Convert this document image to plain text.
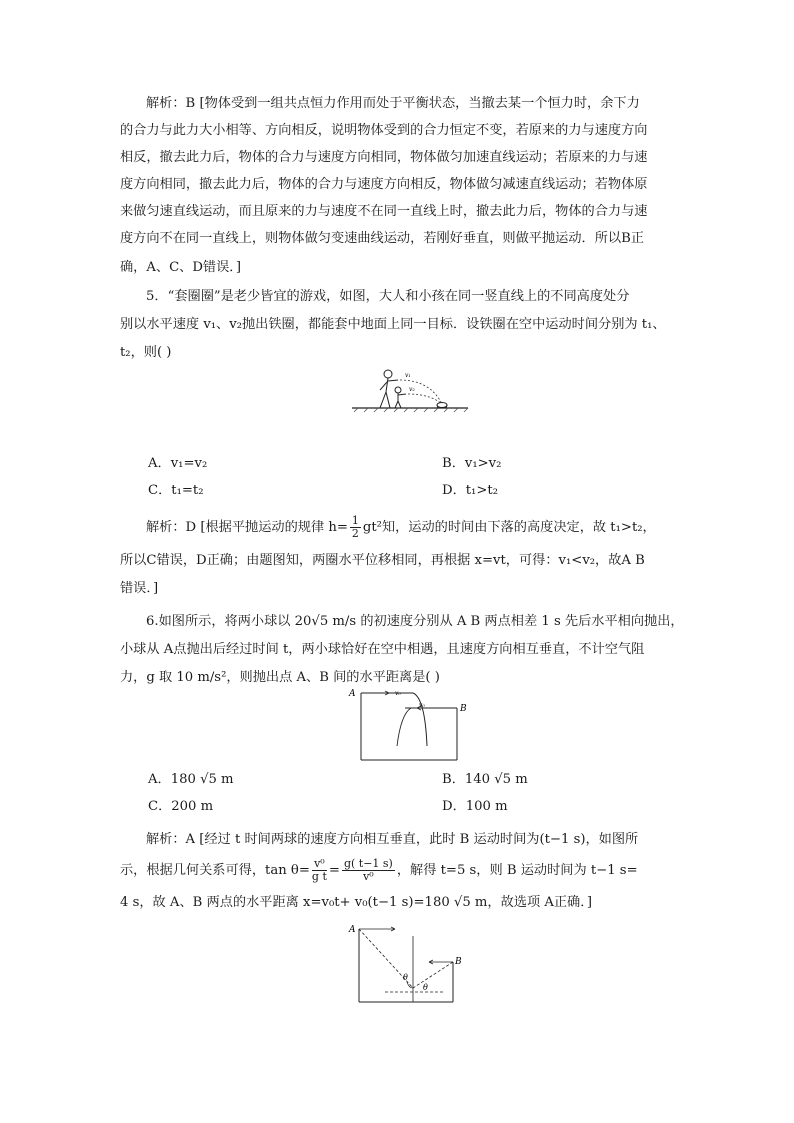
解析：B [物体受到一组共点恒力作用而处于平衡状态，当撤去某一个恒力时，余下力
的合力与此力大小相等、方向相反，说明物体受到的合力恒定不变，若原来的力与速度方向
相反，撤去此力后，物体的合力与速度方向相同，物体做匀加速直线运动；若原来的力与速
度方向相同，撤去此力后，物体的合力与速度方向相反，物体做匀减速直线运动；若物体原
来做匀速直线运动，而且原来的力与速度不在同一直线上时，撤去此力后，物体的合力与速
度方向不在同一直线上，则物体做匀变速曲线运动，若刚好垂直，则做平抛运动．所以B正
确，A、C、D错误．]
5．“套圈圈”是老少皆宜的游戏，如图，大人和小孩在同一竖直线上的不同高度处分
别以水平速度 v₁、v₂抛出铁圈，都能套中地面上同一目标．设铁圈在空中运动时间分别为 t₁、
t₂，则( )
v₁
v₂
A．v₁=v₂	B．v₁>v₂
C．t₁=t₂	D．t₁>t₂
解析：D [根据平抛运动的规律 $h= \frac{1}{2} gt^2$知，运动的时间由下落的高度决定，故 t₁>t₂，
所以C错误，D正确；由题图知，两圈水平位移相同，再根据 x=vt，可得：v₁<v₂，故A B
错误．]
6.如图所示，将两小球以 20√5 m/s 的初速度分别从 A B 两点相差 1 s 先后水平相向抛出，
小球从 A点抛出后经过时间 t，两小球恰好在空中相遇，且速度方向相互垂直，不计空气阻
力，g 取 10 m/s²，则抛出点 A、B 间的水平距离是( )
A	v₀
v₀	B
A．180 √5 m	B．140 √5 m
C．200 m	D．100 m
解析：A [经过 t 时间两球的速度方向相互垂直，此时 B 运动时间为(t−1 s)，如图所
示，根据几何关系可得，$\tan \theta= \frac{\text{v⁰}}{\text{g t}} = \frac{g( t-1 s)}{\text{v⁰}}$ ，解得 t=5 s，则 B 运动时间为 t−1 s=
4 s，故 A、B 两点的水平距离 x=v₀t+ v₀(t−1 s)=180 √5 m，故选项 A正确．]
A
B
θ
θ
